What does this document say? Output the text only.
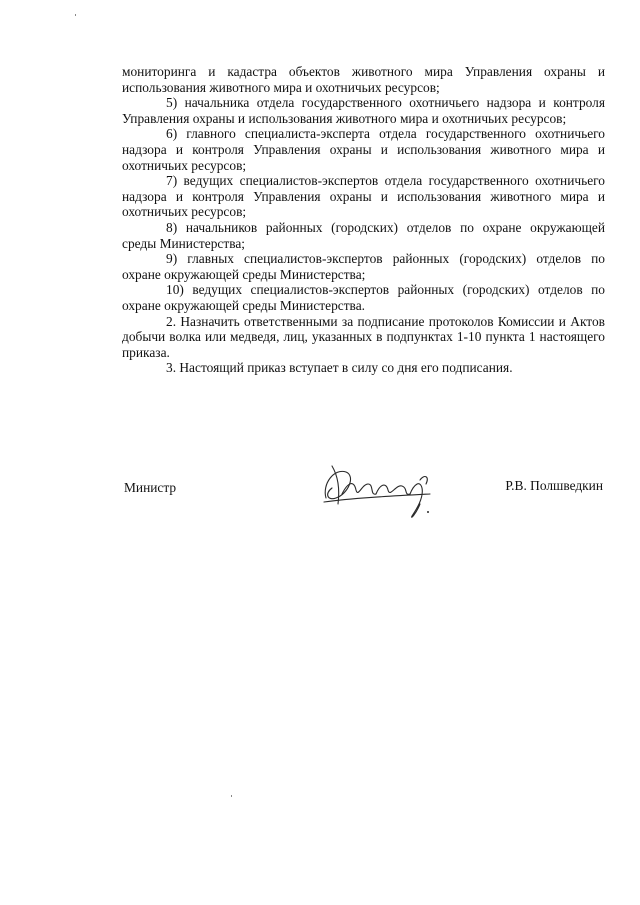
мониторинга и кадастра объектов животного мира Управления охраны и использования животного мира и охотничьих ресурсов;

5) начальника отдела государственного охотничьего надзора и контроля Управления охраны и использования животного мира и охотничьих ресурсов;

6) главного специалиста-эксперта отдела государственного охотничьего надзора и контроля Управления охраны и использования животного мира и охотничьих ресурсов;

7) ведущих специалистов-экспертов отдела государственного охотничьего надзора и контроля Управления охраны и использования животного мира и охотничьих ресурсов;

8) начальников районных (городских) отделов по охране окружающей среды Министерства;

9) главных специалистов-экспертов районных (городских) отделов по охране окружающей среды Министерства;

10) ведущих специалистов-экспертов районных (городских) отделов по охране окружающей среды Министерства.

2. Назначить ответственными за подписание протоколов Комиссии и Актов добычи волка или медведя, лиц, указанных в подпунктах 1-10 пункта 1 настоящего приказа.

3. Настоящий приказ вступает в силу со дня его подписания.

Министр	Р.В. Полшведкин
